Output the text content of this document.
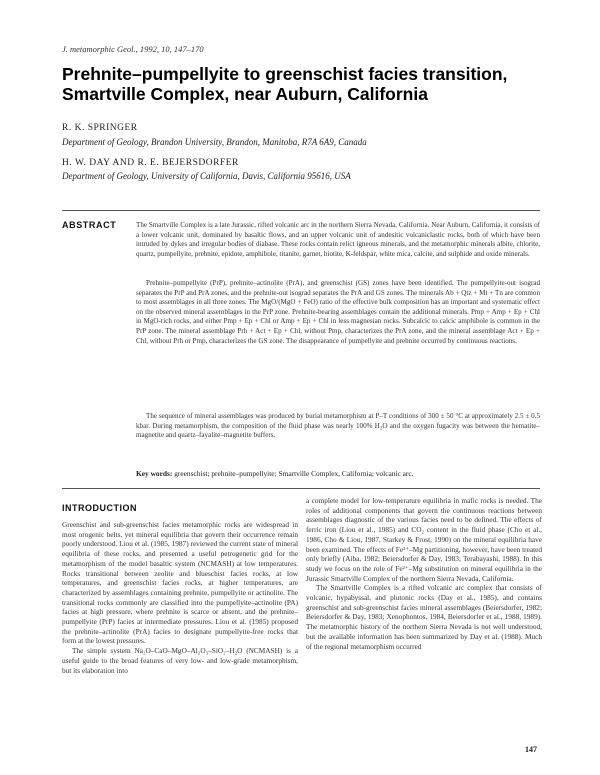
J. metamorphic Geol., 1992, 10, 147–170
Prehnite–pumpellyite to greenschist facies transition, Smartville Complex, near Auburn, California
R. K. SPRINGER
Department of Geology, Brandon University, Brandon, Manitoba, R7A 6A9, Canada
H. W. DAY AND R. E. BEJERSDORFER
Department of Geology, University of California, Davis, California 95616, USA
ABSTRACT	The Smartville Complex is a late Jurassic, rifted volcanic arc in the northern Sierra Nevada, California. Near Auburn, California, it consists of a lower volcanic unit, dominated by basaltic flows, and an upper volcanic unit of andesitic volcaniclastic rocks, both of which have been intruded by dykes and irregular bodies of diabase. These rocks contain relict igneous minerals, and the metamorphic minerals albite, chlorite, quartz, pumpellyite, prehnite, epidote, amphibole, titanite, garnet, biotite, K-feldspar, white mica, calcite, and sulphide and oxide minerals.

Prehnite–pumpellyite (PrP), prehnite–actinolite (PrA), and greenschist (GS) zones have been identified. The pumpellyite-out isograd separates the PrP and PrA zones, and the prehnite-out isograd separates the PrA and GS zones. The minerals Ab + Qtz + Mt + Tn are common to most assemblages in all three zones. The MgO/(MgO + FeO) ratio of the effective bulk composition has an important and systematic effect on the observed mineral assemblages in the PrP zone. Prehnite-bearing assemblages contain the additional minerals. Pmp + Amp + Ep + Chl in MgO-rich rocks, and either Pmp + Ep + Chl or Amp + Ep + Chl in less magnesian rocks. Subcalcic to calcic amphibole is common in the PrP zone. The mineral assemblage Prh + Act + Ep + Chl, without Pmp, characterizes the PrA zone, and the mineral assemblage Act + Ep + Chl, without Prh or Pmp, characterizes the GS zone. The disappearance of pumpellyite and prehnite occurred by continuous reactions.

The sequence of mineral assemblages was produced by burial metamorphism at P–T conditions of 300 ± 50 °C at approximately 2.5 ± 0.5 kbar. During metamorphism, the composition of the fluid phase was nearly 100% H₂O and the oxygen fugacity was between the hematite–magnetite and quartz–fayalite–magnetite buffers.

Key words: greenschist; prehnite–pumpellyite; Smartville Complex, California; volcanic arc.
INTRODUCTION

Greenschist and sub-greenschist facies metamorphic rocks are widespread in most orogenic belts, yet mineral equilibria that govern their occurrence remain poorly understood. Liou et al. (1985, 1987) reviewed the current state of mineral equilibria of these rocks, and presented a useful petrogenetic grid for the metamorphism of the model basaltic system (NCMASH) at low temperatures. Rocks transitional between zeolite and blueschist facies rocks, at low temperatures, and greenschist facies rocks, at higher temperatures, are characterized by assemblages containing prehnite, pumpellyite or actinolite. The transitional rocks commonly are classified into the pumpellyite–actinolite (PA) facies at high pressure, where prehnite is scarce or absent, and the prehnite–pumpellyite (PrP) facies at intermediate pressures. Liou et al. (1985) proposed the prehnite–actinolite (PrA) facies to designate pumpellyite-free rocks that form at the lowest pressures.

The simple system Na₂O–CaO–MgO–Al₂O₃–SiO₂–H₂O (NCMASH) is a useful guide to the broad features of very low- and low-grade metamorphism, but its elaboration into

a complete model for low-temperature equilibria in mafic rocks is needed. The roles of additional components that govern the continuous reactions between assemblages diagnostic of the various facies need to be defined. The effects of ferric iron (Liou et al., 1985) and CO₂ content in the fluid phase (Cho et al., 1986, Cho & Liou, 1987, Starkey & Frost, 1990) on the mineral equilibria have been examined. The effects of Fe²⁺–Mg partitioning, however, have been treated only briefly (Aiba, 1982; Beiersdorfer & Day, 1983; Terabayashi, 1988). In this study we focus on the role of Fe²⁺–Mg substitution on mineral equilibria in the Jurassic Smartville Complex of the northern Sierra Nevada, California.

The Smartville Complex is a rifted volcanic arc complex that consists of volcanic, hypabyssal, and plutonic rocks (Day et al., 1985), and contains greenschist and sub-greenschist facies mineral assemblages (Beiersdorfer, 1982; Beiersdorfer & Day, 1983; Xenophontos, 1984, Beiersdorfer et al., 1988, 1989). The metamorphic history of the northern Sierra Nevada is not well understood, but the available information has been summarized by Day et al. (1988). Much of the regional metamorphism occurred

147
